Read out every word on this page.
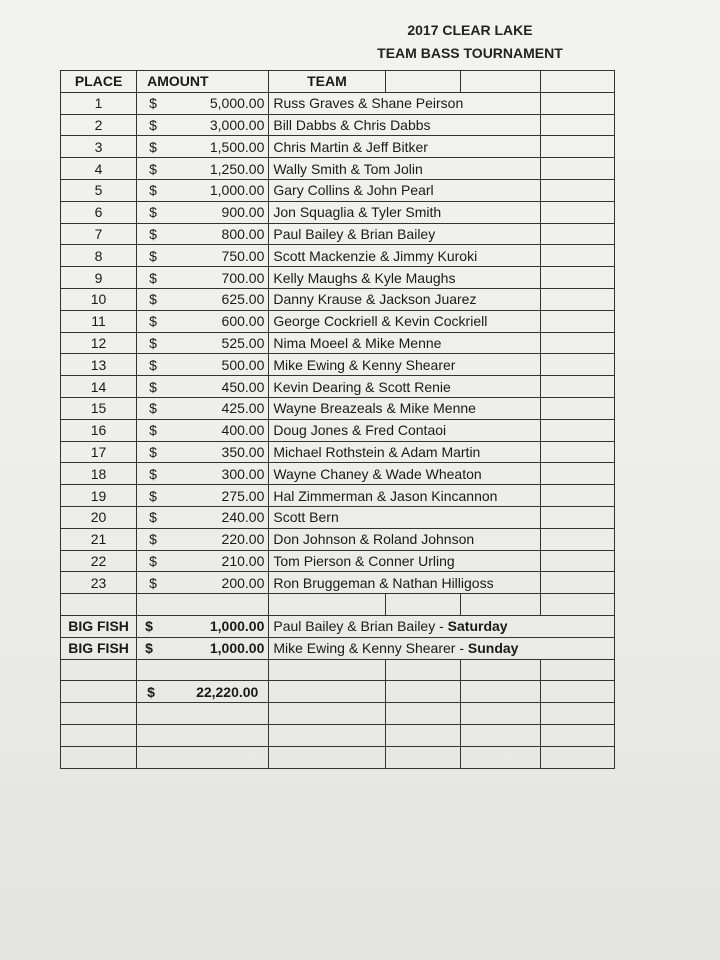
2017 CLEAR LAKE
TEAM BASS TOURNAMENT
PLACE	AMOUNT	TEAM			
1	$ 5,000.00	Russ Graves & Shane Peirson			
2	$ 3,000.00	Bill Dabbs & Chris Dabbs			
3	$ 1,500.00	Chris Martin & Jeff Bitker			
4	$ 1,250.00	Wally Smith & Tom Jolin			
5	$ 1,000.00	Gary Collins & John Pearl			
6	$ 900.00	Jon Squaglia & Tyler Smith			
7	$ 800.00	Paul Bailey & Brian Bailey			
8	$ 750.00	Scott Mackenzie & Jimmy Kuroki			
9	$ 700.00	Kelly Maughs & Kyle Maughs			
10	$ 625.00	Danny Krause & Jackson Juarez			
11	$ 600.00	George Cockriell & Kevin Cockriell			
12	$ 525.00	Nima Moeel & Mike Menne			
13	$ 500.00	Mike Ewing & Kenny Shearer			
14	$ 450.00	Kevin Dearing & Scott Renie			
15	$ 425.00	Wayne Breazeals & Mike Menne			
16	$ 400.00	Doug Jones & Fred Contaoi			
17	$ 350.00	Michael Rothstein & Adam Martin			
18	$ 300.00	Wayne Chaney & Wade Wheaton			
19	$ 275.00	Hal Zimmerman & Jason Kincannon			
20	$ 240.00	Scott Bern			
21	$ 220.00	Don Johnson & Roland Johnson			
22	$ 210.00	Tom Pierson & Conner Urling			
23	$ 200.00	Ron Bruggeman & Nathan Hilligoss			

BIG FISH	$ 1,000.00	Paul Bailey & Brian Bailey - Saturday			
BIG FISH	$ 1,000.00	Mike Ewing & Kenny Shearer - Sunday			

	$ 22,220.00				
